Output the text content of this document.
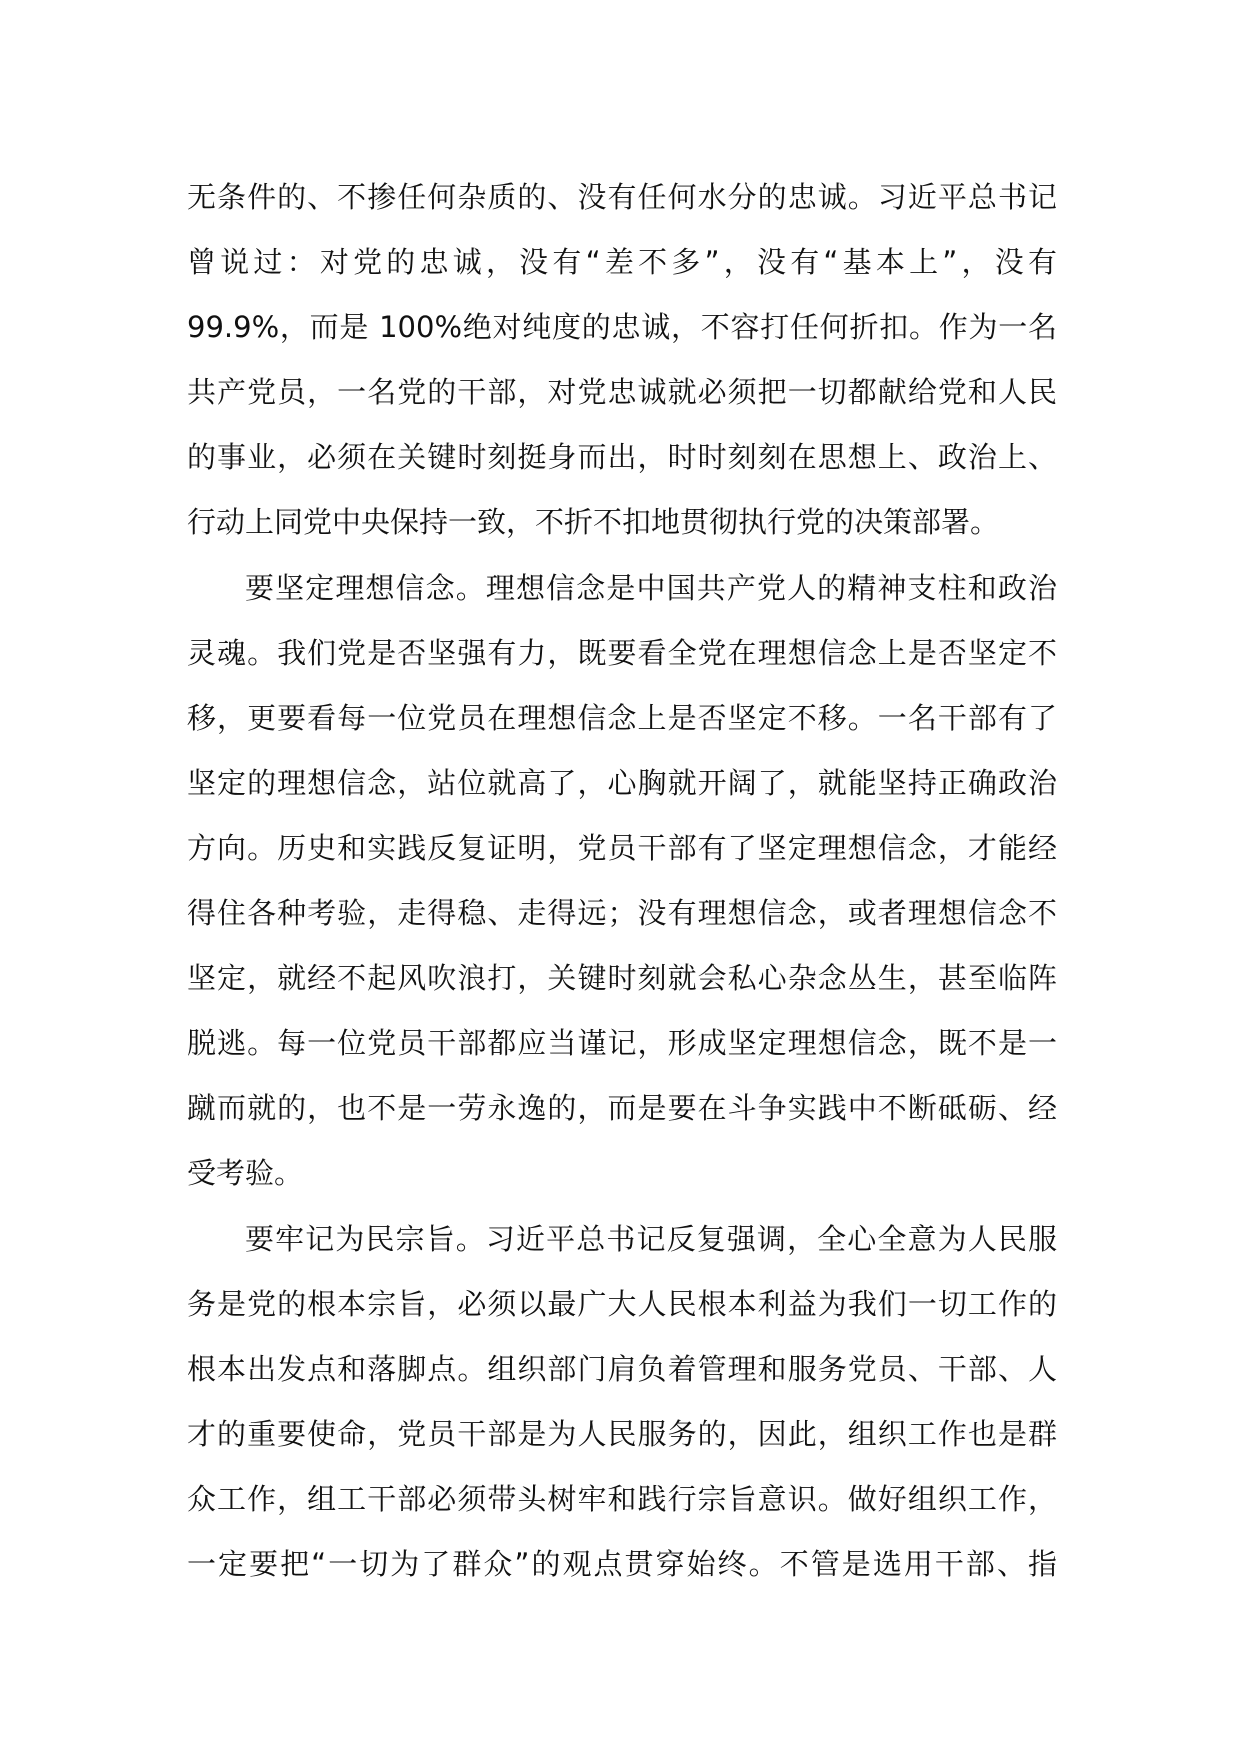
无条件的、不掺任何杂质的、没有任何水分的忠诚。习近平总书记
曾说过：对党的忠诚，没有“差不多”，没有“基本上”，没有
99.9%，而是 100%绝对纯度的忠诚，不容打任何折扣。作为一名
共产党员，一名党的干部，对党忠诚就必须把一切都献给党和人民
的事业，必须在关键时刻挺身而出，时时刻刻在思想上、政治上、
行动上同党中央保持一致，不折不扣地贯彻执行党的决策部署。
要坚定理想信念。理想信念是中国共产党人的精神支柱和政治
灵魂。我们党是否坚强有力，既要看全党在理想信念上是否坚定不
移，更要看每一位党员在理想信念上是否坚定不移。一名干部有了
坚定的理想信念，站位就高了，心胸就开阔了，就能坚持正确政治
方向。历史和实践反复证明，党员干部有了坚定理想信念，才能经
得住各种考验，走得稳、走得远；没有理想信念，或者理想信念不
坚定，就经不起风吹浪打，关键时刻就会私心杂念丛生，甚至临阵
脱逃。每一位党员干部都应当谨记，形成坚定理想信念，既不是一
蹴而就的，也不是一劳永逸的，而是要在斗争实践中不断砥砺、经
受考验。
要牢记为民宗旨。习近平总书记反复强调，全心全意为人民服
务是党的根本宗旨，必须以最广大人民根本利益为我们一切工作的
根本出发点和落脚点。组织部门肩负着管理和服务党员、干部、人
才的重要使命，党员干部是为人民服务的，因此，组织工作也是群
众工作，组工干部必须带头树牢和践行宗旨意识。做好组织工作，
一定要把“一切为了群众”的观点贯穿始终。不管是选用干部、指
